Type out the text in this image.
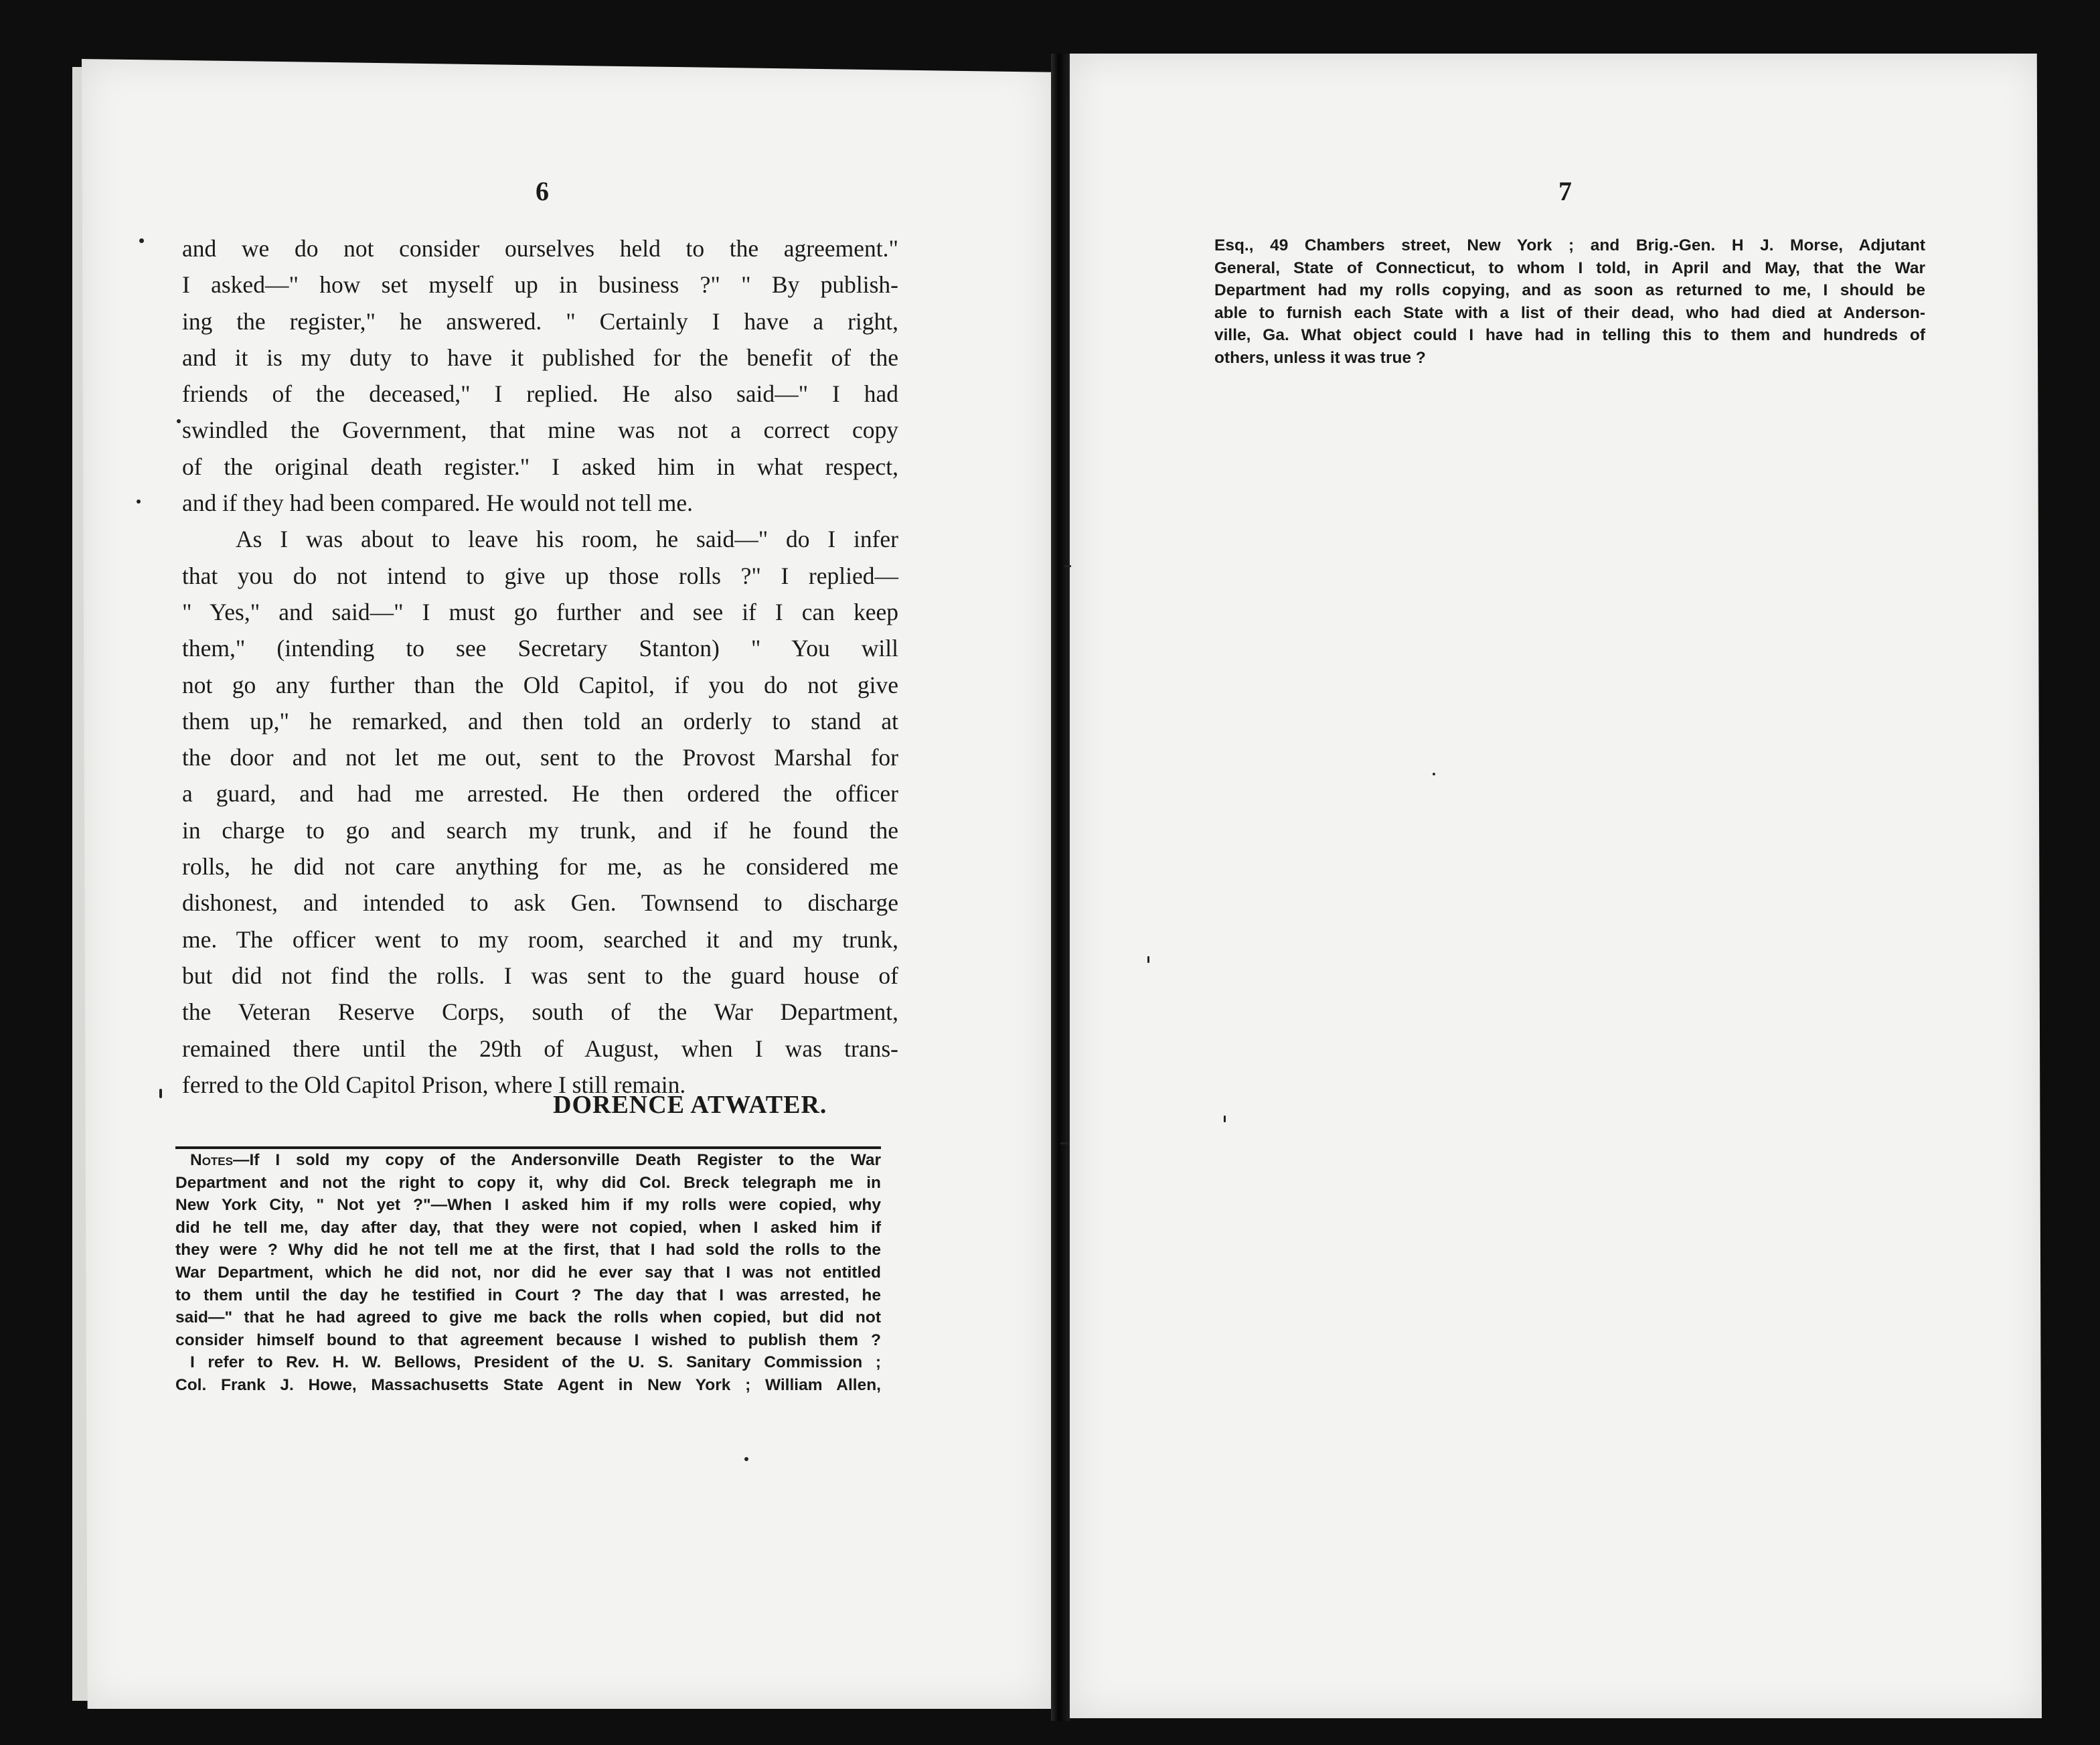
6	7
and we do not consider ourselves held to the agreement."
I asked—" how set myself up in business ?" " By publish-
ing the register," he answered. " Certainly I have a right,
and it is my duty to have it published for the benefit of the
friends of the deceased," I replied. He also said—" I had
swindled the Government, that mine was not a correct copy
of the original death register." I asked him in what respect,
and if they had been compared. He would not tell me.
As I was about to leave his room, he said—" do I infer
that you do not intend to give up those rolls ?" I replied—
" Yes," and said—" I must go further and see if I can keep
them," (intending to see Secretary Stanton) " You will
not go any further than the Old Capitol, if you do not give
them up," he remarked, and then told an orderly to stand at
the door and not let me out, sent to the Provost Marshal for
a guard, and had me arrested. He then ordered the officer
in charge to go and search my trunk, and if he found the
rolls, he did not care anything for me, as he considered me
dishonest, and intended to ask Gen. Townsend to discharge
me. The officer went to my room, searched it and my trunk,
but did not find the rolls. I was sent to the guard house of
the Veteran Reserve Corps, south of the War Department,
remained there until the 29th of August, when I was trans-
ferred to the Old Capitol Prison, where I still remain.
DORENCE ATWATER.
Notes—If I sold my copy of the Andersonville Death Register to the War
Department and not the right to copy it, why did Col. Breck telegraph me in
New York City, " Not yet ?"—When I asked him if my rolls were copied, why
did he tell me, day after day, that they were not copied, when I asked him if
they were ? Why did he not tell me at the first, that I had sold the rolls to the
War Department, which he did not, nor did he ever say that I was not entitled
to them until the day he testified in Court ? The day that I was arrested, he
said—" that he had agreed to give me back the rolls when copied, but did not
consider himself bound to that agreement because I wished to publish them ?
I refer to Rev. H. W. Bellows, President of the U. S. Sanitary Commission ;
Col. Frank J. Howe, Massachusetts State Agent in New York ; William Allen,
Esq., 49 Chambers street, New York ; and Brig.-Gen. H J. Morse, Adjutant
General, State of Connecticut, to whom I told, in April and May, that the War
Department had my rolls copying, and as soon as returned to me, I should be
able to furnish each State with a list of their dead, who had died at Anderson-
ville, Ga. What object could I have had in telling this to them and hundreds of
others, unless it was true ?
